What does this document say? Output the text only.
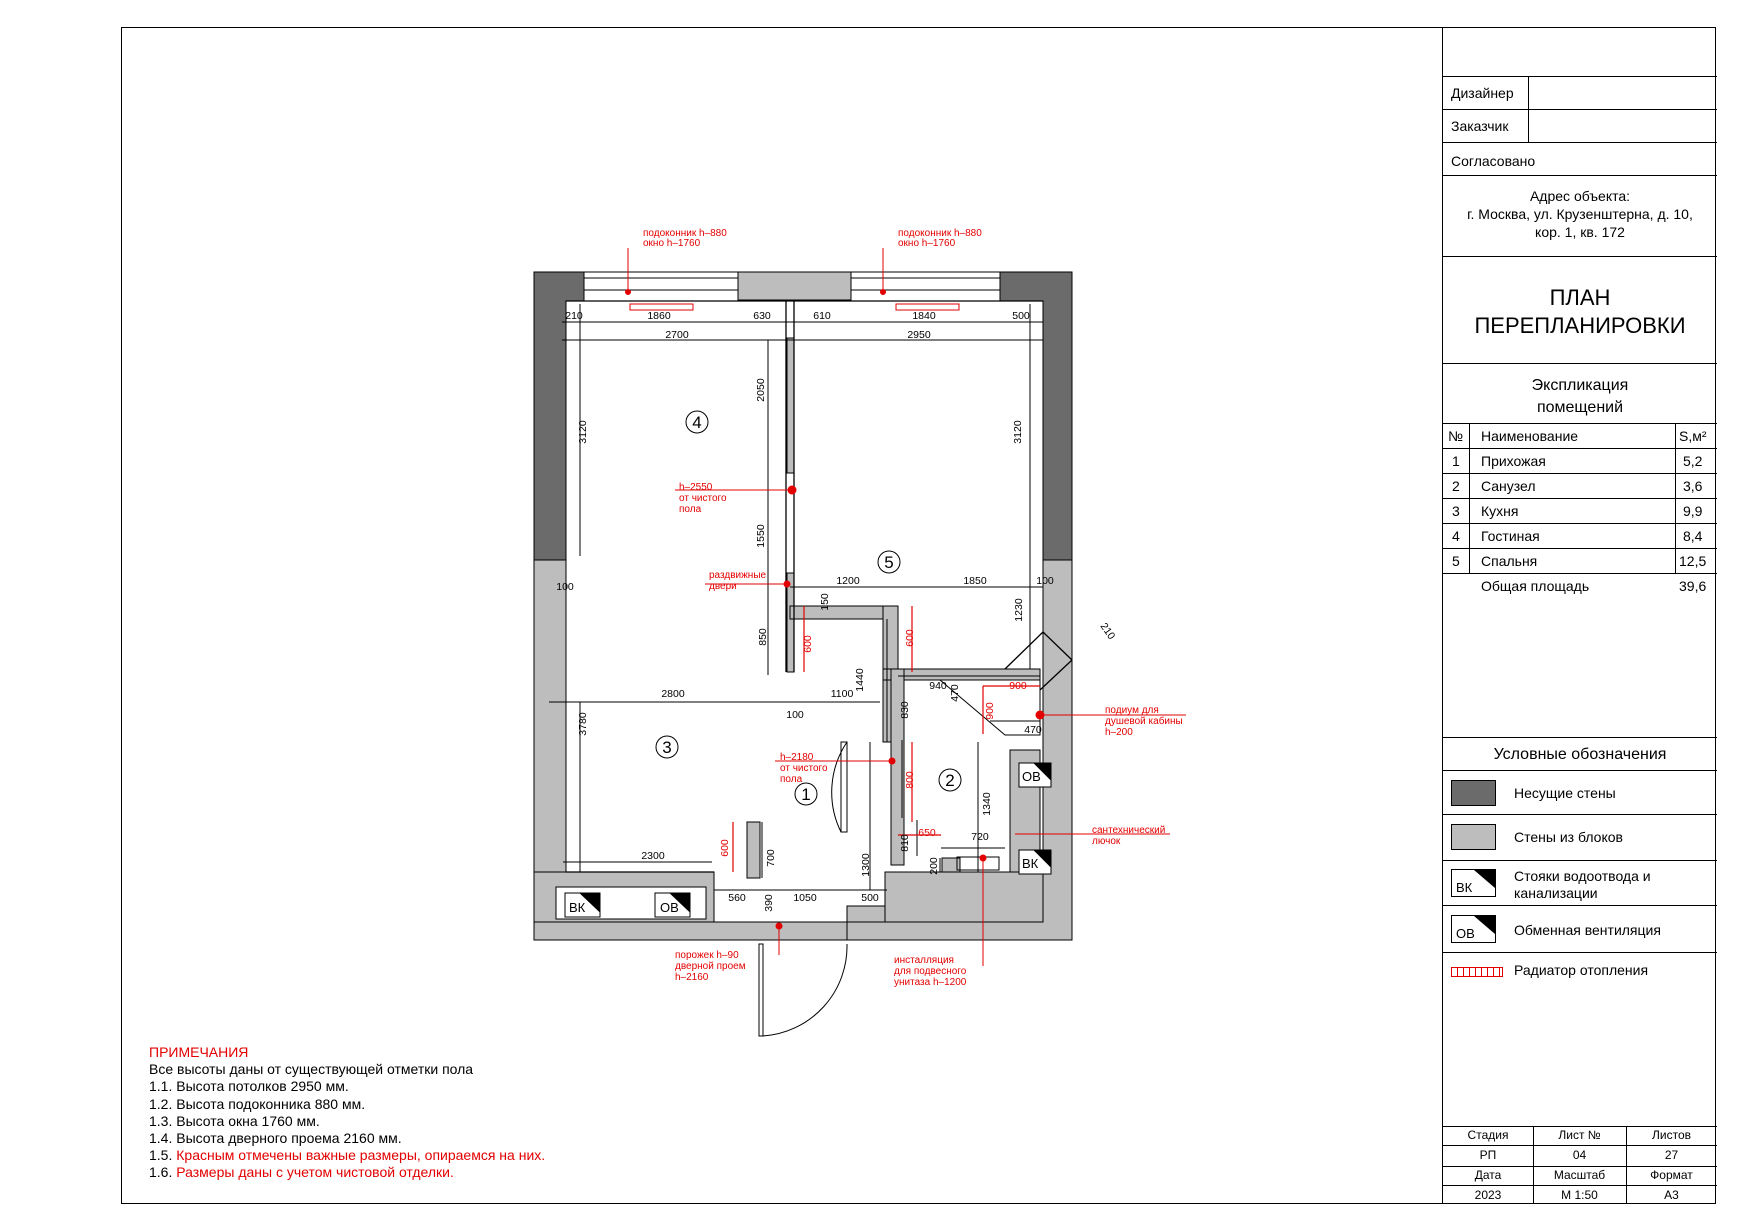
4
5
3
1
2
ВК	ОВ
ОВ
ВК
210	1860	630	610	1840	500
2700	2950
3120	3120
2050
1550
1200	1850	100
100
150
850
1230
2800
100
1100
1440	940 470
470
830
3780
1340
810	720
200
2300	700	1300
560	1050	500
390
210
600	600
900
900
800
650
600
подоконник h–880
окно h–1760
подоконник h–880
окно h–1760
h–2550
от чистого
пола
раздвижные
двери
h–2180
от чистого
пола
подиум для
душевой кабины
h–200
сантехнический
лючок
порожек h–90
дверной проем
h–2160
инсталляция
для подвесного
унитаза h–1200
ПРИМЕЧАНИЯ
Все высоты даны от существующей отметки пола
1.1. Высота потолков 2950 мм.
1.2. Высота подоконника 880 мм.
1.3. Высота окна 1760 мм.
1.4. Высота дверного проема 2160 мм.
1.5. Красным отмечены важные размеры, опираемся на них.
1.6. Размеры даны с учетом чистовой отделки.
Дизайнер
Заказчик
Согласовано
Адрес объекта:
г. Москва, ул. Крузенштерна, д. 10,
кор. 1, кв. 172
ПЛАН
ПЕРЕПЛАНИРОВКИ
Экспликация
помещений
№ Наименование	S,м²
1 Прихожая	5,2
2 Санузел	3,6
3 Кухня	9,9
4 Гостиная	8,4
5 Спальня	12,5
Общая площадь	39,6
Условные обозначения
Несущие стены
Стены из блоков
ВК
Стояки водоотвода и
канализации
ОВ	Обменная вентиляция
Радиатор отопления
Стадия	Лист №	Листов
РП	04	27
Дата	Масштаб	Формат
2023	М 1:50	А3
